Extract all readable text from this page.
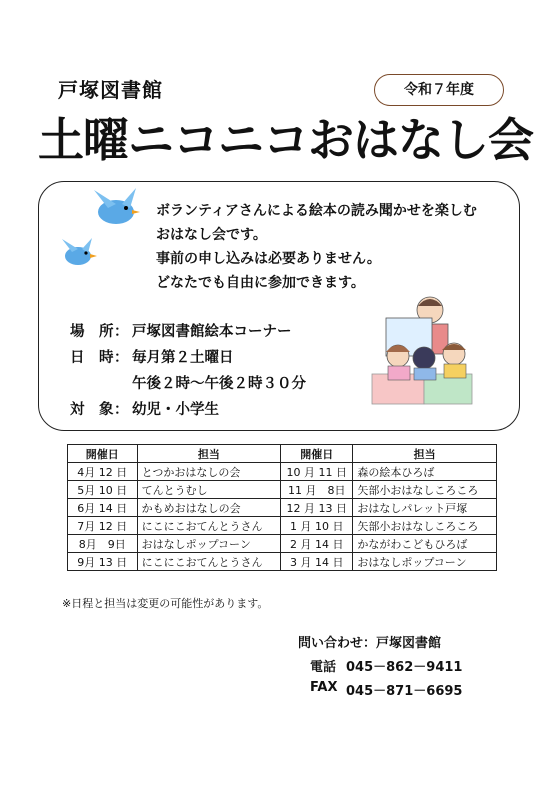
戸塚図書館	令和７年度
土曜ニコニコおはなし会
ボランティアさんによる絵本の読み聞かせを楽しむ
おはなし会です。
事前の申し込みは必要ありません。
どなたでも自由に参加できます。
場　所 ： 戸塚図書館絵本コーナー
日　時 ： 毎月第２土曜日
午後２時～午後２時３０分
対　象 ： 幼児・小学生
開催日	担当	開催日	担当
4月 12 日	とつかおはなしの会	10 月 11 日	森の絵本ひろば
5月 10 日	てんとうむし	11 月　8日	矢部小おはなしころころ
6月 14 日	かもめおはなしの会	12 月 13 日	おはなしパレット戸塚
7月 12 日	にこにこおてんとうさん	1 月 10 日	矢部小おはなしころころ
8月　9日	おはなしポップコーン	2 月 14 日	かながわこどもひろば
9月 13 日	にこにこおてんとうさん	3 月 14 日	おはなしポップコーン
※日程と担当は変更の可能性があります。
問い合わせ：戸塚図書館
電話 045－862－9411
FAX 045－871－6695
